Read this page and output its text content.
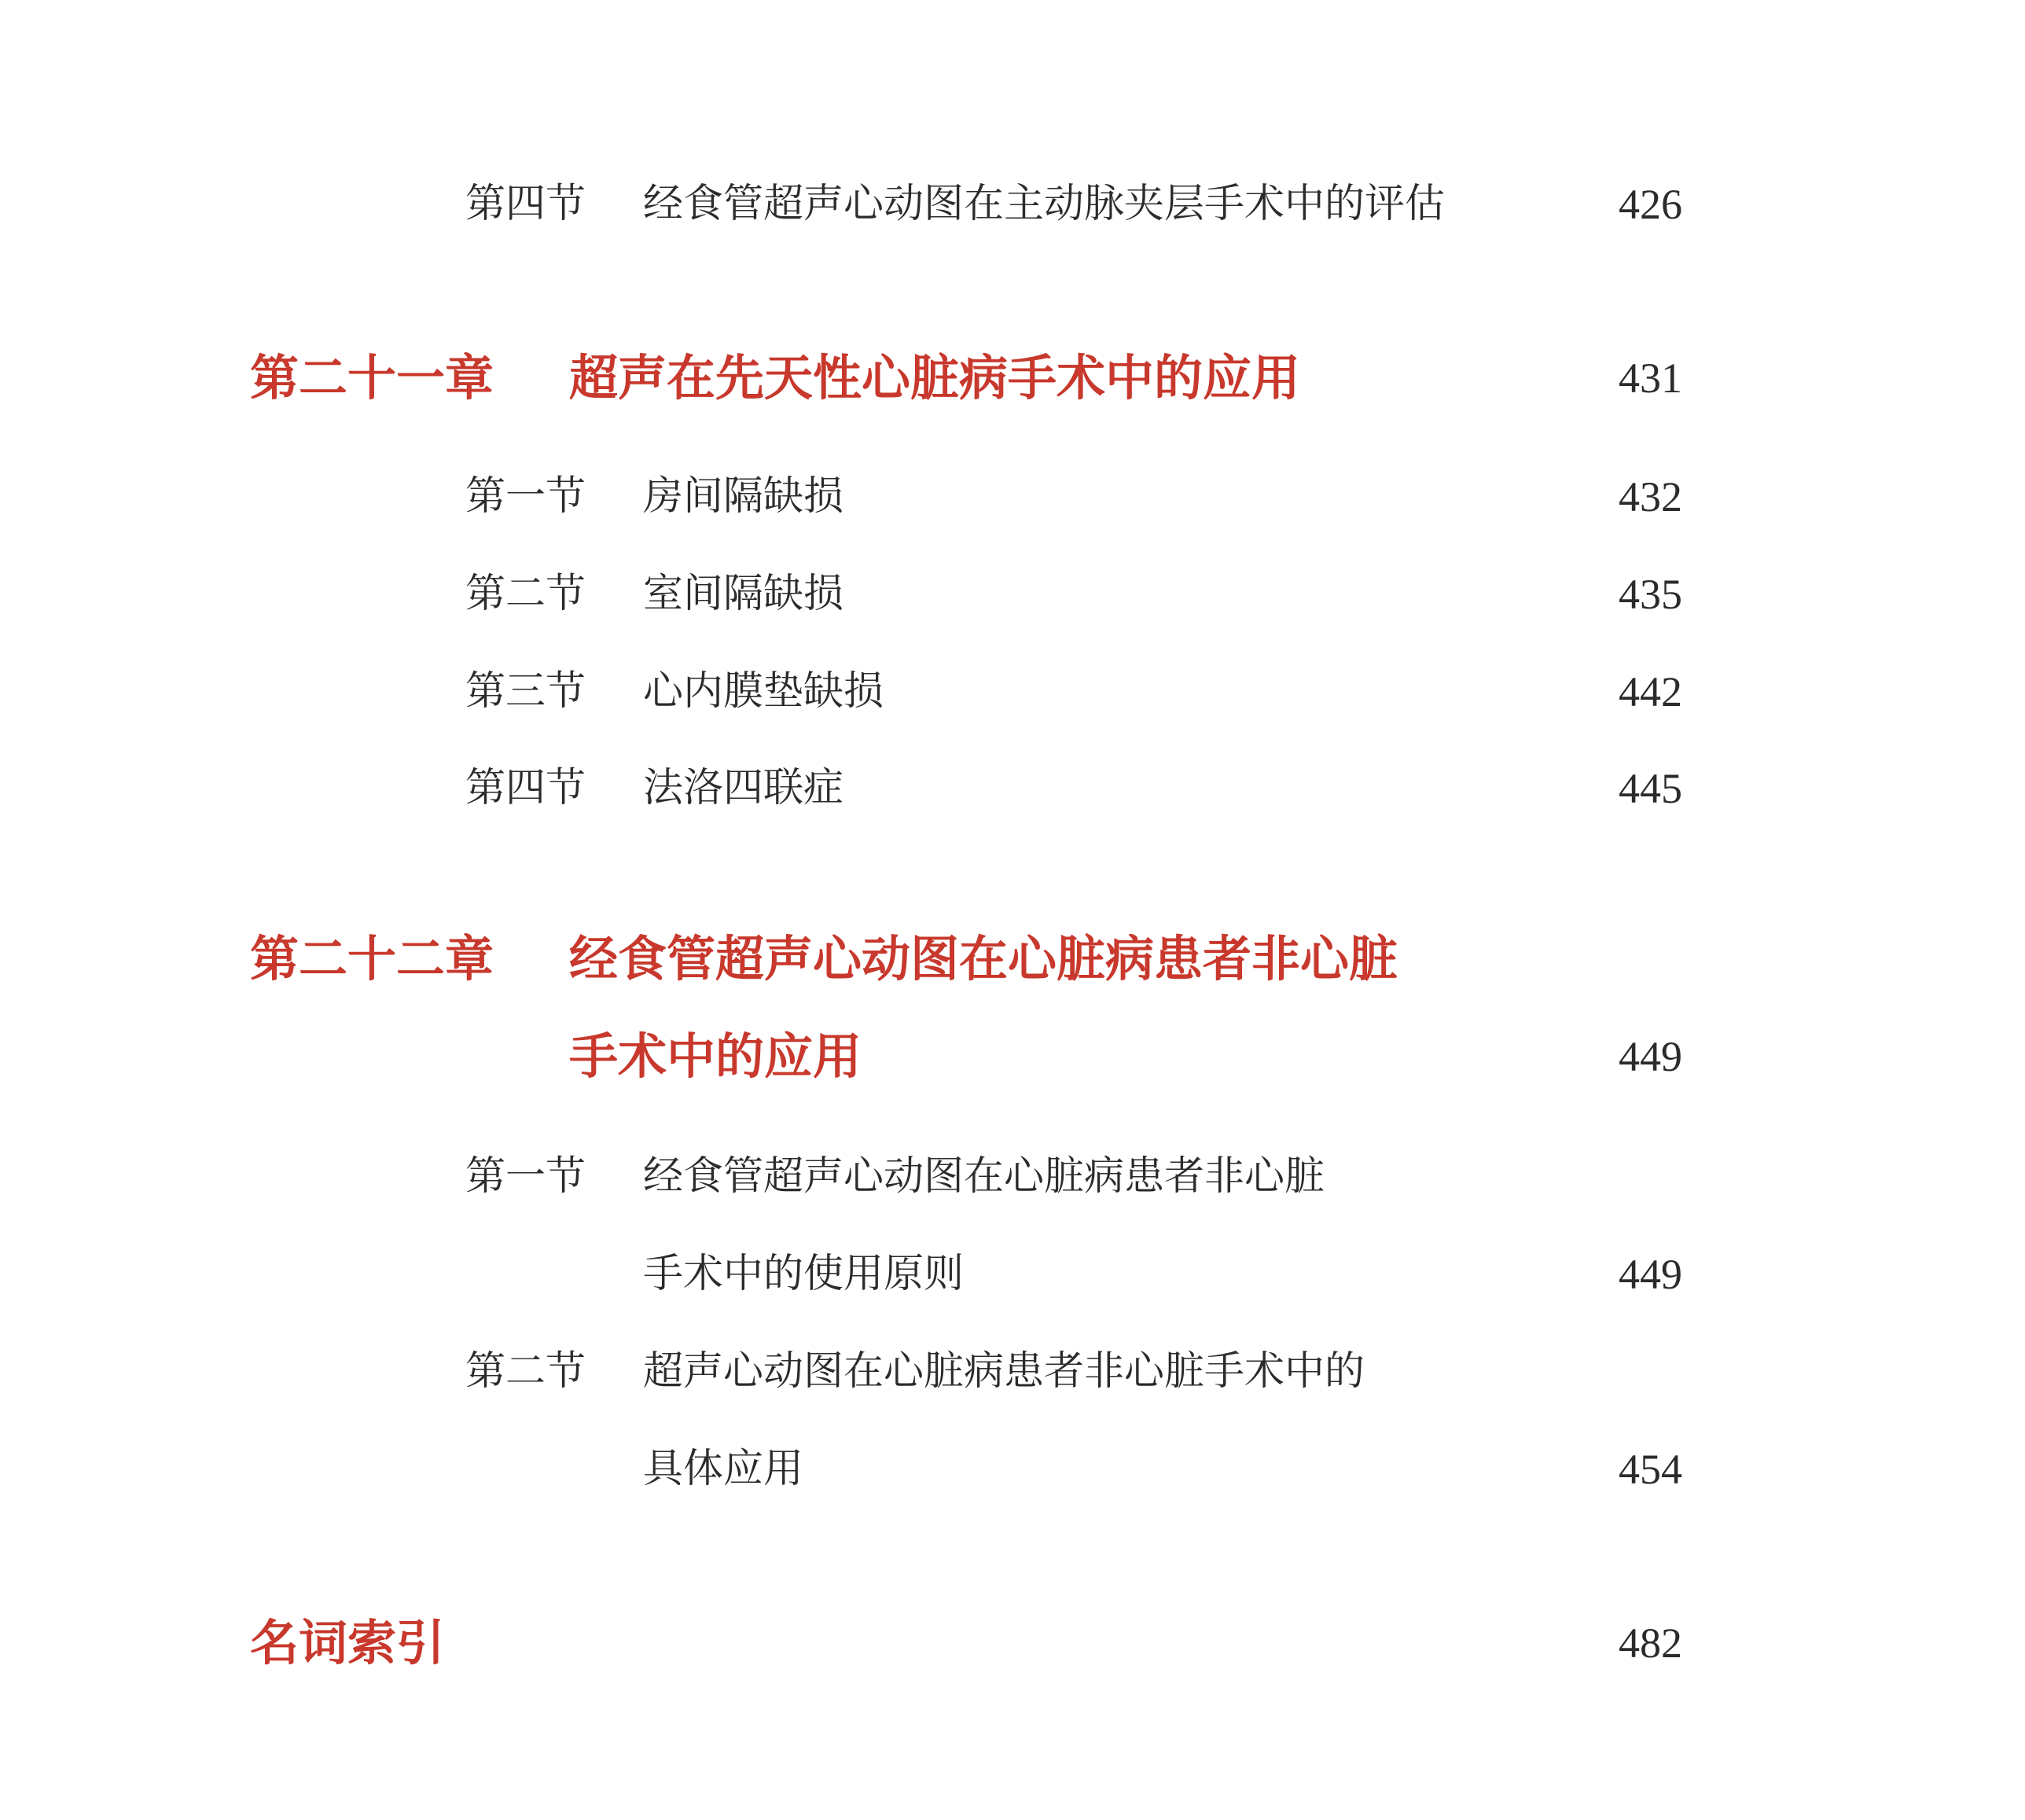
第四节 经食管超声心动图在主动脉夹层手术中的评估	426
第二十一章 超声在先天性心脏病手术中的应用	431
第一节 房间隔缺损	432
第二节 室间隔缺损	435
第三节 心内膜垫缺损	442
第四节 法洛四联症	445
第二十二章 经食管超声心动图在心脏病患者非心脏
手术中的应用	449
第一节 经食管超声心动图在心脏病患者非心脏
手术中的使用原则	449
第二节 超声心动图在心脏病患者非心脏手术中的
具体应用	454
名词索引	482
